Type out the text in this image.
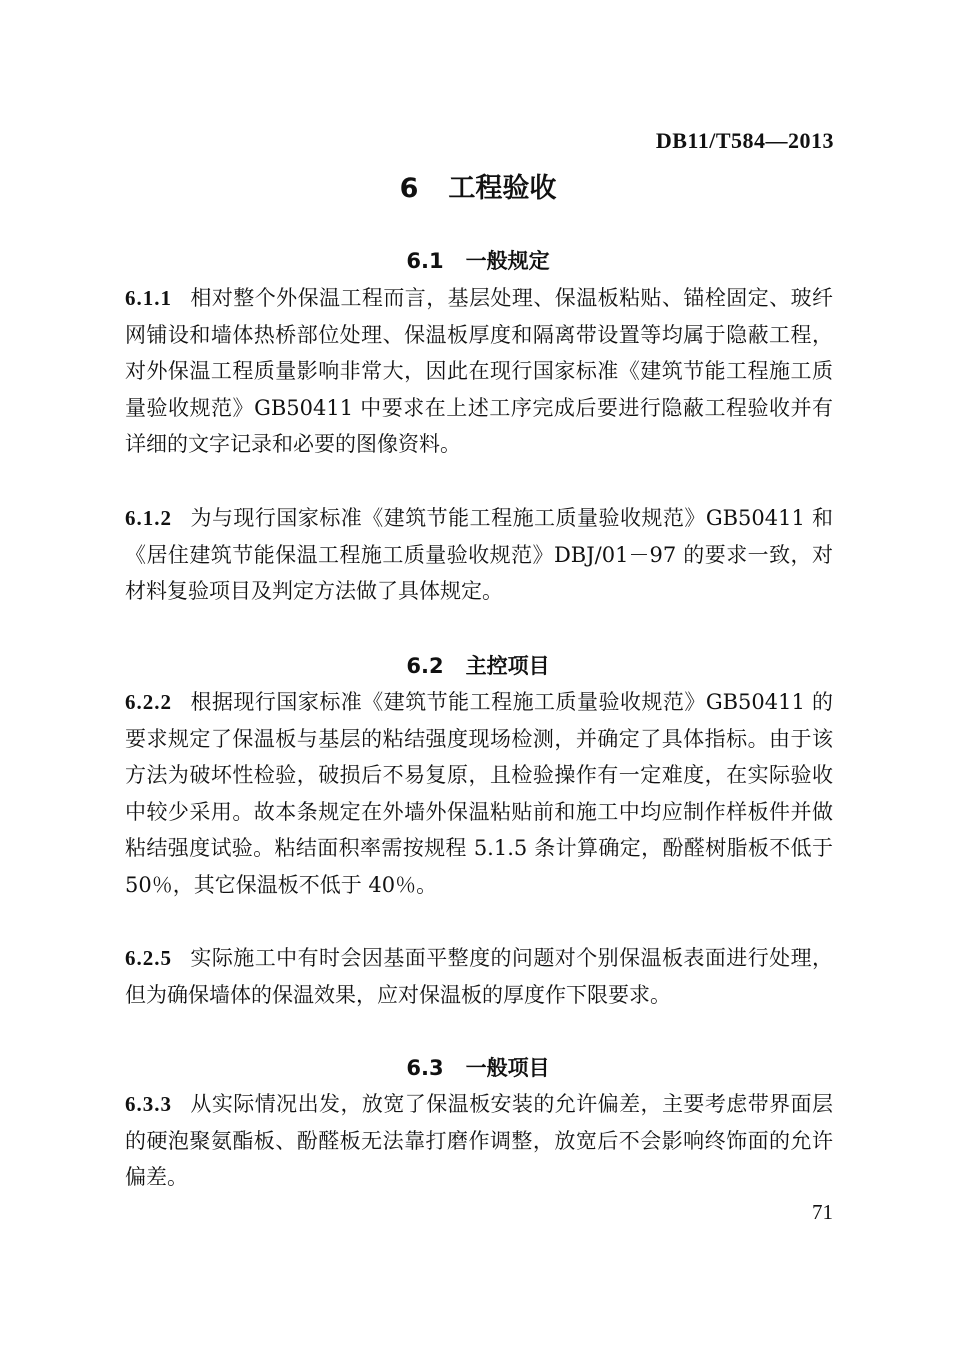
DB11/T584—2013
6 工程验收
6.1 一般规定
6.1.1 相对整个外保温工程而言，基层处理、保温板粘贴、锚栓固定、玻纤网铺设和墙体热桥部位处理、保温板厚度和隔离带设置等均属于隐蔽工程，对外保温工程质量影响非常大，因此在现行国家标准《建筑节能工程施工质量验收规范》GB50411 中要求在上述工序完成后要进行隐蔽工程验收并有详细的文字记录和必要的图像资料。
6.1.2 为与现行国家标准《建筑节能工程施工质量验收规范》GB50411 和《居住建筑节能保温工程施工质量验收规范》DBJ/01－97 的要求一致，对材料复验项目及判定方法做了具体规定。
6.2 主控项目
6.2.2 根据现行国家标准《建筑节能工程施工质量验收规范》GB50411 的要求规定了保温板与基层的粘结强度现场检测，并确定了具体指标。由于该方法为破坏性检验，破损后不易复原，且检验操作有一定难度，在实际验收中较少采用。故本条规定在外墙外保温粘贴前和施工中均应制作样板件并做粘结强度试验。粘结面积率需按规程 5.1.5 条计算确定，酚醛树脂板不低于 50％，其它保温板不低于 40％。
6.2.5 实际施工中有时会因基面平整度的问题对个别保温板表面进行处理，但为确保墙体的保温效果，应对保温板的厚度作下限要求。
6.3 一般项目
6.3.3 从实际情况出发，放宽了保温板安装的允许偏差，主要考虑带界面层的硬泡聚氨酯板、酚醛板无法靠打磨作调整，放宽后不会影响终饰面的允许偏差。
71
